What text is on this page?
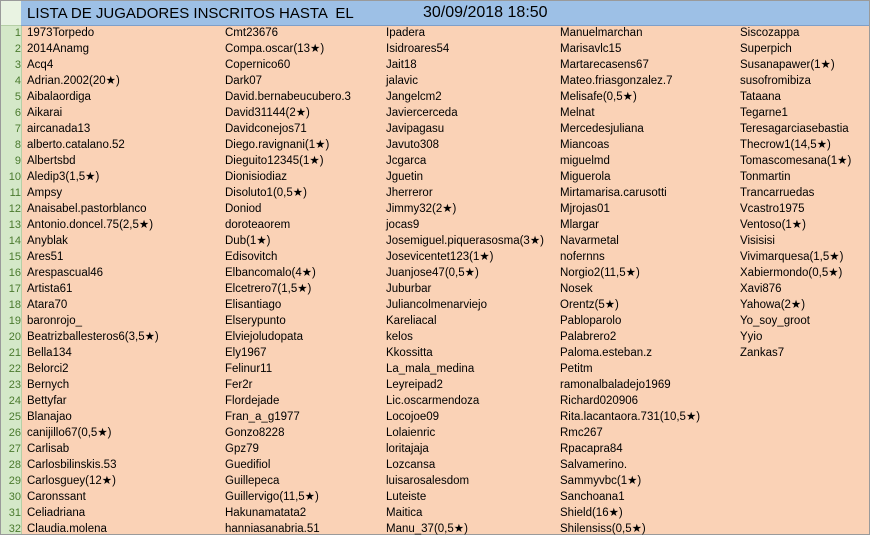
LISTA DE JUGADORES INSCRITOS HASTA  EL	30/09/2018 18:50
1
2
3
4
5
6
7
8
9
10
11
12
13
14
15
16
17
18
19
20
21
22
23
24
25
26
27
28
29
30
31
32
1973Torpedo
2014Anamg
Acq4
Adrian.2002(20★)
Aibalaordiga
Aikarai
aircanada13
alberto.catalano.52
Albertsbd
Aledip3(1,5★)
Ampsy
Anaisabel.pastorblanco
Antonio.doncel.75(2,5★)
Anyblak
Ares51
Arespascual46
Artista61
Atara70
baronrojo_
Beatrizballesteros6(3,5★)
Bella134
Belorci2
Bernych
Bettyfar
Blanajao
canijillo67(0,5★)
Carlisab
Carlosbilinskis.53
Carlosguey(12★)
Caronssant
Celiadriana
Claudia.molena
Cmt23676
Compa.oscar(13★)
Copernico60
Dark07
David.bernabeucubero.3
David31144(2★)
Davidconejos71
Diego.ravignani(1★)
Dieguito12345(1★)
Dionisiodiaz
Disoluto1(0,5★)
Doniod
doroteaorem
Dub(1★)
Edisovitch
Elbancomalo(4★)
Elcetrero7(1,5★)
Elisantiago
Elserypunto
Elviejoludopata
Ely1967
Felinur11
Fer2r
Flordejade
Fran_a_g1977
Gonzo8228
Gpz79
Guedifiol
Guillepeca
Guillervigo(11,5★)
Hakunamatata2
hanniasanabria.51
Ipadera
Isidroares54
Jait18
jalavic
Jangelcm2
Javiercerceda
Javipagasu
Javuto308
Jcgarca
Jguetin
Jherreror
Jimmy32(2★)
jocas9
Josemiguel.piquerasosma(3★)
Josevicentet123(1★)
Juanjose47(0,5★)
Juburbar
Juliancolmenarviejo
Kareliacal
kelos
Kkossitta
La_mala_medina
Leyreipad2
Lic.oscarmendoza
Locojoe09
Lolaienric
loritajaja
Lozcansa
luisarosalesdom
Luteiste
Maitica
Manu_37(0,5★)
Manuelmarchan
Marisavlc15
Martarecasens67
Mateo.friasgonzalez.7
Melisafe(0,5★)
Melnat
Mercedesjuliana
Miancoas
miguelmd
Miguerola
Mirtamarisa.carusotti
Mjrojas01
Mlargar
Navarmetal
nofernns
Norgio2(11,5★)
Nosek
Orentz(5★)
Pabloparolo
Palabrero2
Paloma.esteban.z
Petitm
ramonalbaladejo1969
Richard020906
Rita.lacantaora.731(10,5★)
Rmc267
Rpacapra84
Salvamerino.
Sammyvbc(1★)
Sanchoana1
Shield(16★)
Shilensiss(0,5★)
Siscozappa
Superpich
Susanapawer(1★)
susofromibiza
Tataana
Tegarne1
Teresagarciasebastia
Thecrow1(14,5★)
Tomascomesana(1★)
Tonmartin
Trancarruedas
Vcastro1975
Ventoso(1★)
Visisisi
Vivimarquesa(1,5★)
Xabiermondo(0,5★)
Xavi876
Yahowa(2★)
Yo_soy_groot
Yyio
Zankas7
